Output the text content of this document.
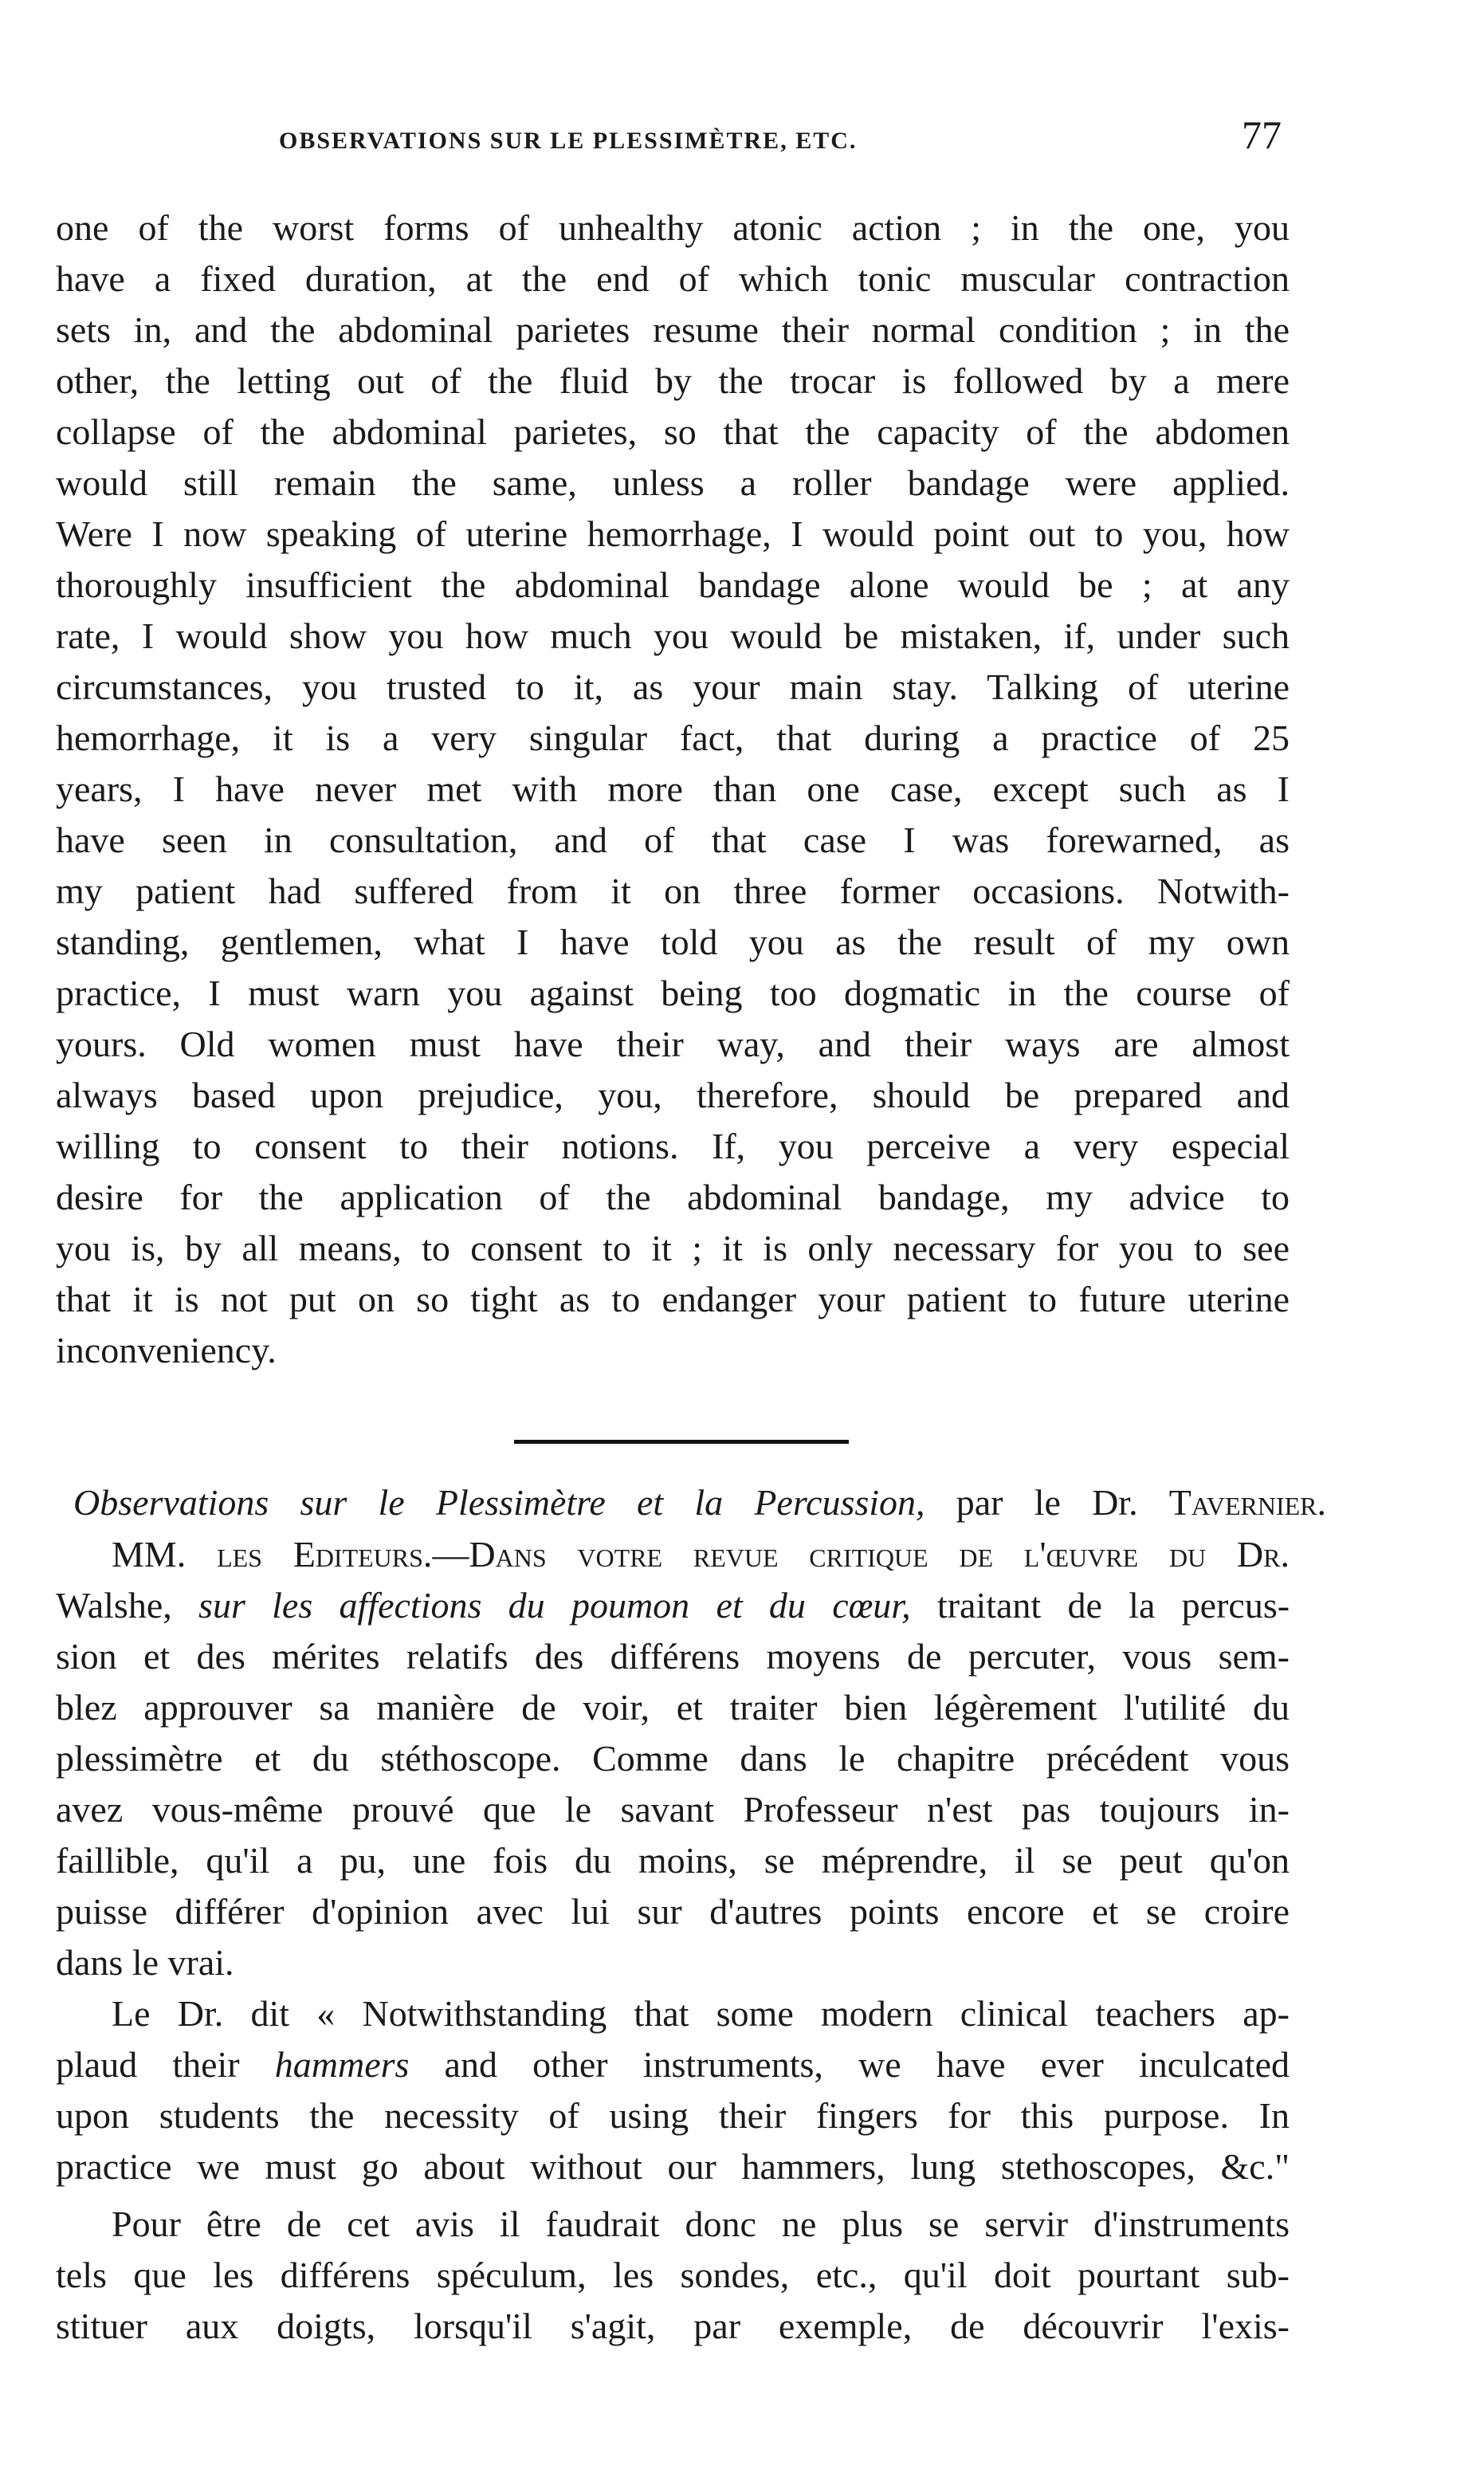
OBSERVATIONS SUR LE PLESSIMÈTRE, ETC.	77
one of the worst forms of unhealthy atonic action ; in the one, you
have a fixed duration, at the end of which tonic muscular contraction
sets in, and the abdominal parietes resume their normal condition ; in the
other, the letting out of the fluid by the trocar is followed by a mere
collapse of the abdominal parietes, so that the capacity of the abdomen
would still remain the same, unless a roller bandage were applied.
Were I now speaking of uterine hemorrhage, I would point out to you, how
thoroughly insufficient the abdominal bandage alone would be ; at any
rate, I would show you how much you would be mistaken, if, under such
circumstances, you trusted to it, as your main stay. Talking of uterine
hemorrhage, it is a very singular fact, that during a practice of 25
years, I have never met with more than one case, except such as I
have seen in consultation, and of that case I was forewarned, as
my patient had suffered from it on three former occasions. Notwith-
standing, gentlemen, what I have told you as the result of my own
practice, I must warn you against being too dogmatic in the course of
yours. Old women must have their way, and their ways are almost
always based upon prejudice, you, therefore, should be prepared and
willing to consent to their notions. If, you perceive a very especial
desire for the application of the abdominal bandage, my advice to
you is, by all means, to consent to it ; it is only necessary for you to see
that it is not put on so tight as to endanger your patient to future uterine
inconveniency.
Observations sur le Plessimètre et la Percussion, par le Dr. Tavernier.
MM. les Editeurs.—Dans votre revue critique de l'œuvre du Dr.
Walshe, sur les affections du poumon et du cœur, traitant de la percus-
sion et des mérites relatifs des différens moyens de percuter, vous sem-
blez approuver sa manière de voir, et traiter bien légèrement l'utilité du
plessimètre et du stéthoscope. Comme dans le chapitre précédent vous
avez vous-même prouvé que le savant Professeur n'est pas toujours in-
faillible, qu'il a pu, une fois du moins, se méprendre, il se peut qu'on
puisse différer d'opinion avec lui sur d'autres points encore et se croire
dans le vrai.
Le Dr. dit « Notwithstanding that some modern clinical teachers ap-
plaud their hammers and other instruments, we have ever inculcated
upon students the necessity of using their fingers for this purpose. In
practice we must go about without our hammers, lung stethoscopes, &c."
Pour être de cet avis il faudrait donc ne plus se servir d'instruments
tels que les différens spéculum, les sondes, etc., qu'il doit pourtant sub-
stituer aux doigts, lorsqu'il s'agit, par exemple, de découvrir l'exis-
